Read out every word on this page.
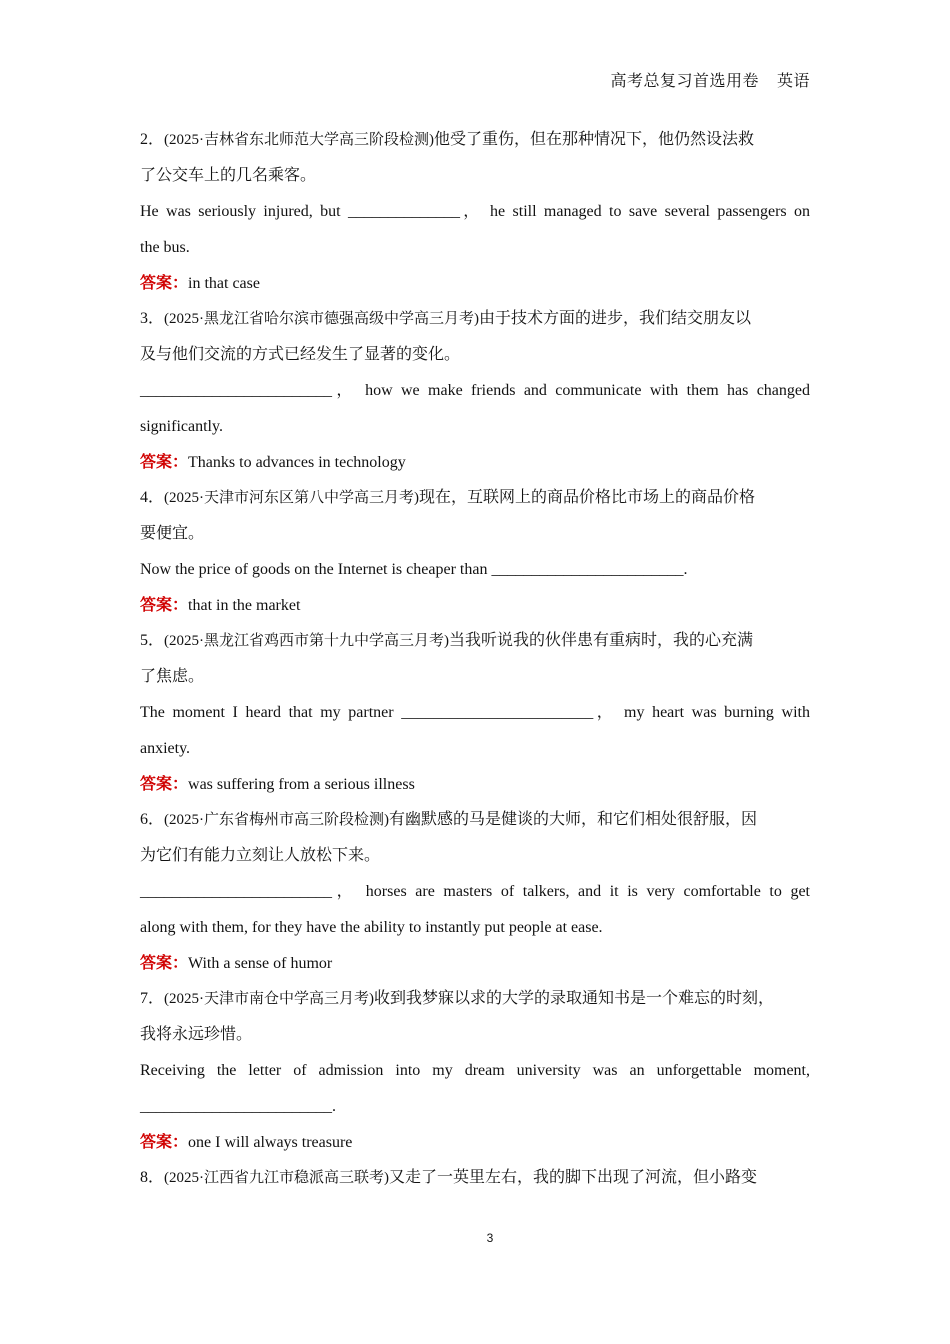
高考总复习首选用卷 英语
2．(2025·吉林省东北师范大学高三阶段检测)他受了重伤，但在那种情况下，他仍然设法救
了公交车上的几名乘客。
He was seriously injured, but ______________， he still managed to save several passengers on
the bus.
答案：in that case
3．(2025·黑龙江省哈尔滨市德强高级中学高三月考)由于技术方面的进步，我们结交朋友以
及与他们交流的方式已经发生了显著的变化。
________________________， how we make friends and communicate with them has changed
significantly.
答案：Thanks to advances in technology
4．(2025·天津市河东区第八中学高三月考)现在，互联网上的商品价格比市场上的商品价格
要便宜。
Now the price of goods on the Internet is cheaper than ________________________.
答案：that in the market
5．(2025·黑龙江省鸡西市第十九中学高三月考)当我听说我的伙伴患有重病时，我的心充满
了焦虑。
The moment I heard that my partner ________________________， my heart was burning with
anxiety.
答案：was suffering from a serious illness
6．(2025·广东省梅州市高三阶段检测)有幽默感的马是健谈的大师，和它们相处很舒服，因
为它们有能力立刻让人放松下来。
________________________， horses are masters of talkers, and it is very comfortable to get
along with them, for they have the ability to instantly put people at ease.
答案：With a sense of humor
7．(2025·天津市南仓中学高三月考)收到我梦寐以求的大学的录取通知书是一个难忘的时刻，
我将永远珍惜。
Receiving the letter of admission into my dream university was an unforgettable moment,
________________________.
答案：one I will always treasure
8．(2025·江西省九江市稳派高三联考)又走了一英里左右，我的脚下出现了河流，但小路变
3
